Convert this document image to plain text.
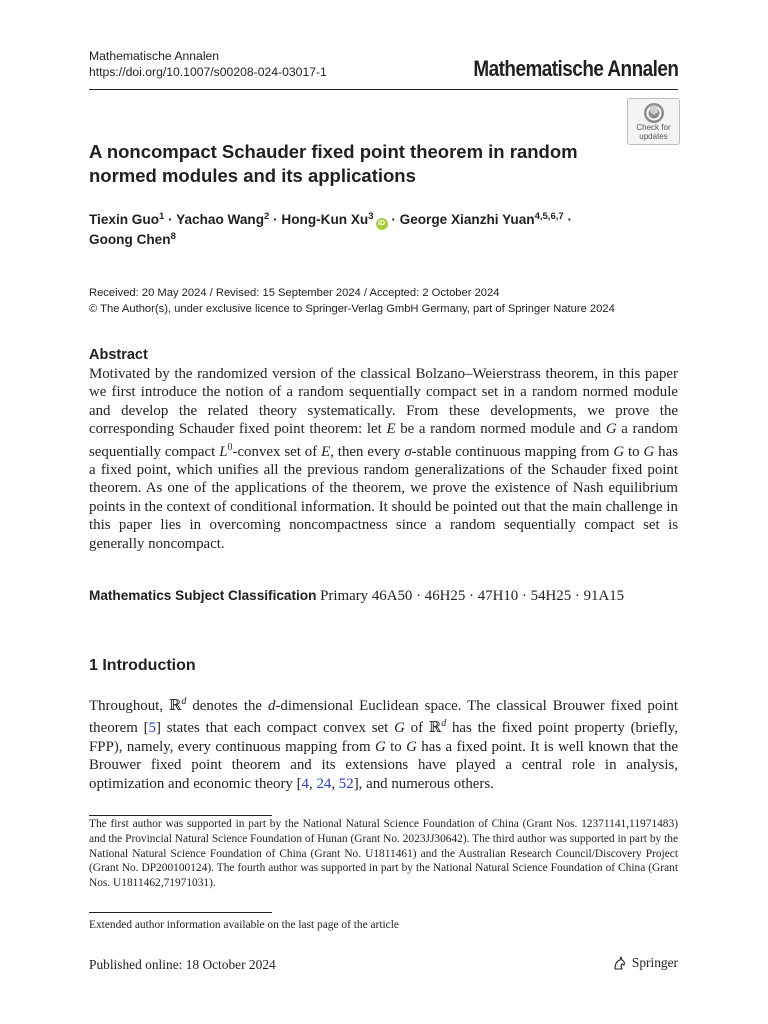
Mathematische Annalen
https://doi.org/10.1007/s00208-024-03017-1	Mathematische Annalen
Check for
updates
A noncompact Schauder fixed point theorem in random
normed modules and its applications
Tiexin Guo$^1$ · Yachao Wang$^2$ · Hong-Kun $Xu^3iD$ · George Xianzhi Yuan$^{4,5,6,7}$ ·
Goong Chen$^8$
Received: 20 May 2024 / Revised: 15 September 2024 / Accepted: 2 October 2024
© The Author(s), under exclusive licence to Springer-Verlag GmbH Germany, part of Springer Nature 2024
Abstract
Motivated by the randomized version of the classical Bolzano–Weierstrass theorem, in this paper we first introduce the notion of a random sequentially compact set in a random normed module and develop the related theory systematically. From these developments, we prove the corresponding Schauder fixed point theorem: let E be a random normed module and G a random sequentially compact $L^0$-convex set of E, then every σ-stable continuous mapping from G to G has a fixed point, which unifies all the previous random generalizations of the Schauder fixed point theorem. As one of the applications of the theorem, we prove the existence of Nash equilibrium points in the context of conditional information. It should be pointed out that the main challenge in this paper lies in overcoming noncompactness since a random sequentially compact set is generally noncompact.
Mathematics Subject Classification Primary 46A50 · 46H25 · 47H10 · 54H25 · 91A15
1 Introduction
Throughout, ℝ$^d$ denotes the d-dimensional Euclidean space. The classical Brouwer fixed point theorem [5] states that each compact convex set G of ℝ$^d$ has the fixed point property (briefly, FPP), namely, every continuous mapping from G to G has a fixed point. It is well known that the Brouwer fixed point theorem and its extensions have played a central role in analysis, optimization and economic theory [4, 24, 52], and numerous others.
The first author was supported in part by the National Natural Science Foundation of China (Grant Nos. 12371141,11971483) and the Provincial Natural Science Foundation of Hunan (Grant No. 2023JJ30642). The third author was supported in part by the National Natural Science Foundation of China (Grant No. U1811461) and the Australian Research Council/Discovery Project (Grant No. DP200100124). The fourth author was supported in part by the National Natural Science Foundation of China (Grant Nos. U1811462,71971031).
Extended author information available on the last page of the article
Published online: 18 October 2024	Springer
